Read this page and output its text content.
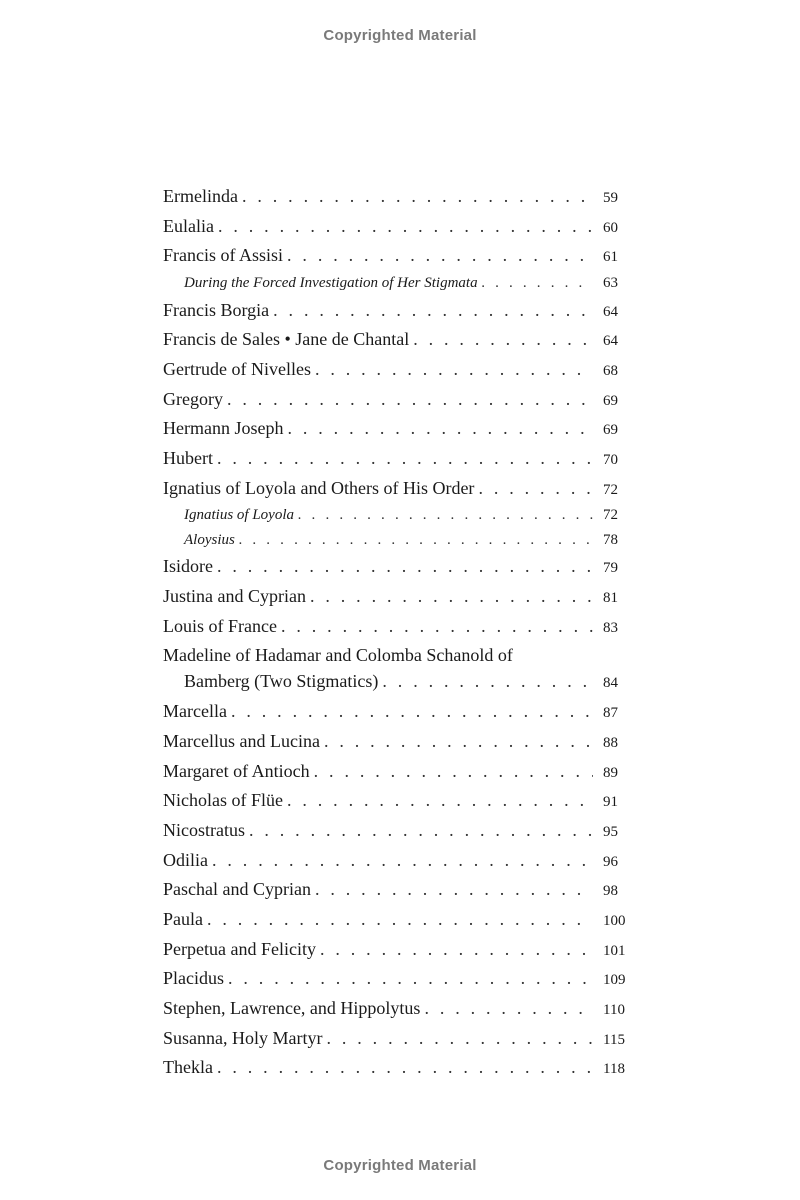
Copyrighted Material
Ermelinda . . .	59
Eulalia . . .	60
Francis of Assisi . . .	61
During the Forced Investigation of Her Stigmata . . .	63
Francis Borgia . . .	64
Francis de Sales • Jane de Chantal . . .	64
Gertrude of Nivelles . . .	68
Gregory . . .	69
Hermann Joseph . . .	69
Hubert . . .	70
Ignatius of Loyola and Others of His Order . . .	72
Ignatius of Loyola . . .	72
Aloysius . . .	78
Isidore . . .	79
Justina and Cyprian . . .	81
Louis of France . . .	83
Madeline of Hadamar and Colomba Schanold of
Bamberg (Two Stigmatics) . . .	84
Marcella . . .	87
Marcellus and Lucina . . .	88
Margaret of Antioch . . .	89
Nicholas of Flüe . . .	91
Nicostratus . . .	95
Odilia . . .	96
Paschal and Cyprian . . .	98
Paula . . .	100
Perpetua and Felicity . . .	101
Placidus . . .	109
Stephen, Lawrence, and Hippolytus . . .	110
Susanna, Holy Martyr . . .	115
Thekla . . .	118
Copyrighted Material
